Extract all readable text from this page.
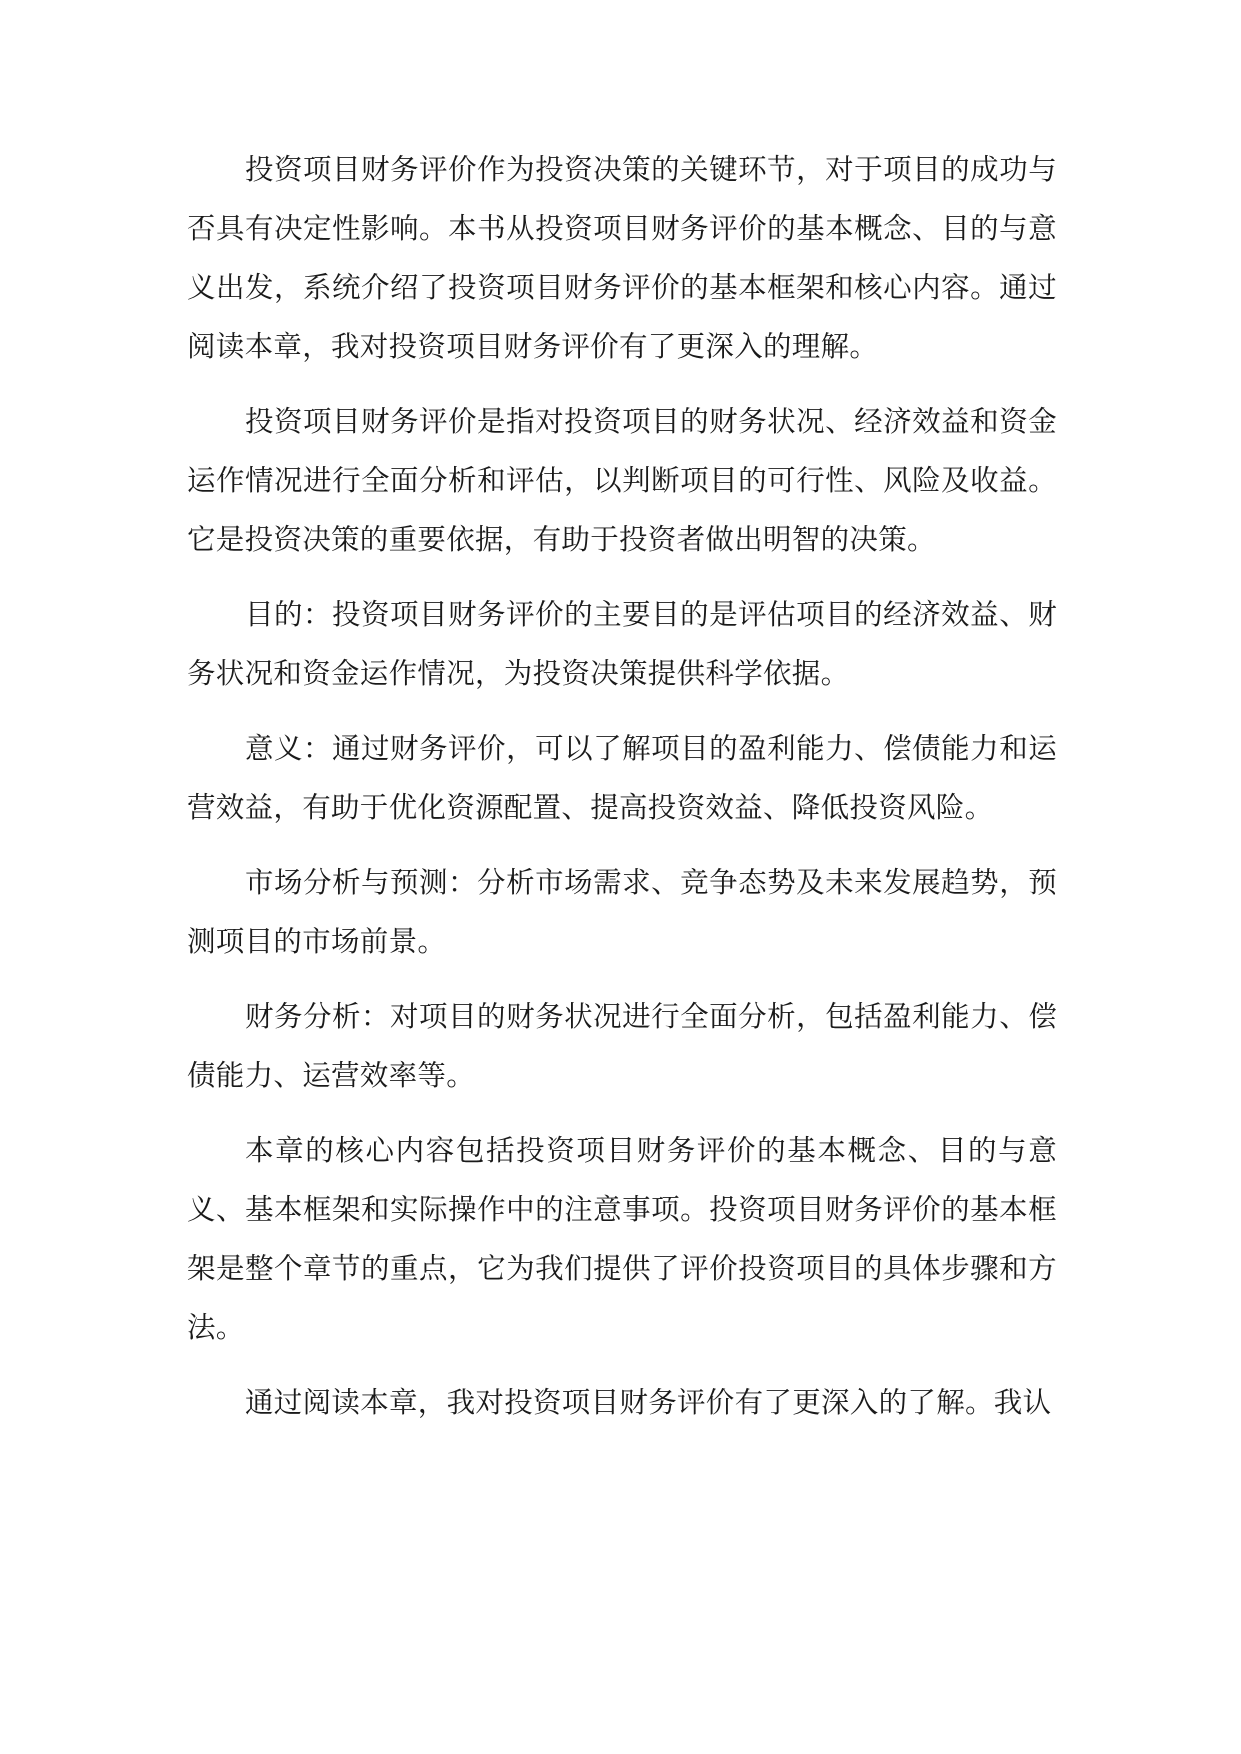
投资项目财务评价作为投资决策的关键环节，对于项目的成功与否具有决定性影响。本书从投资项目财务评价的基本概念、目的与意义出发，系统介绍了投资项目财务评价的基本框架和核心内容。通过阅读本章，我对投资项目财务评价有了更深入的理解。

投资项目财务评价是指对投资项目的财务状况、经济效益和资金运作情况进行全面分析和评估，以判断项目的可行性、风险及收益。它是投资决策的重要依据，有助于投资者做出明智的决策。

目的：投资项目财务评价的主要目的是评估项目的经济效益、财务状况和资金运作情况，为投资决策提供科学依据。

意义：通过财务评价，可以了解项目的盈利能力、偿债能力和运营效益，有助于优化资源配置、提高投资效益、降低投资风险。

市场分析与预测：分析市场需求、竞争态势及未来发展趋势，预测项目的市场前景。

财务分析：对项目的财务状况进行全面分析，包括盈利能力、偿债能力、运营效率等。

本章的核心内容包括投资项目财务评价的基本概念、目的与意义、基本框架和实际操作中的注意事项。投资项目财务评价的基本框架是整个章节的重点，它为我们提供了评价投资项目的具体步骤和方法。

通过阅读本章，我对投资项目财务评价有了更深入的了解。我认
